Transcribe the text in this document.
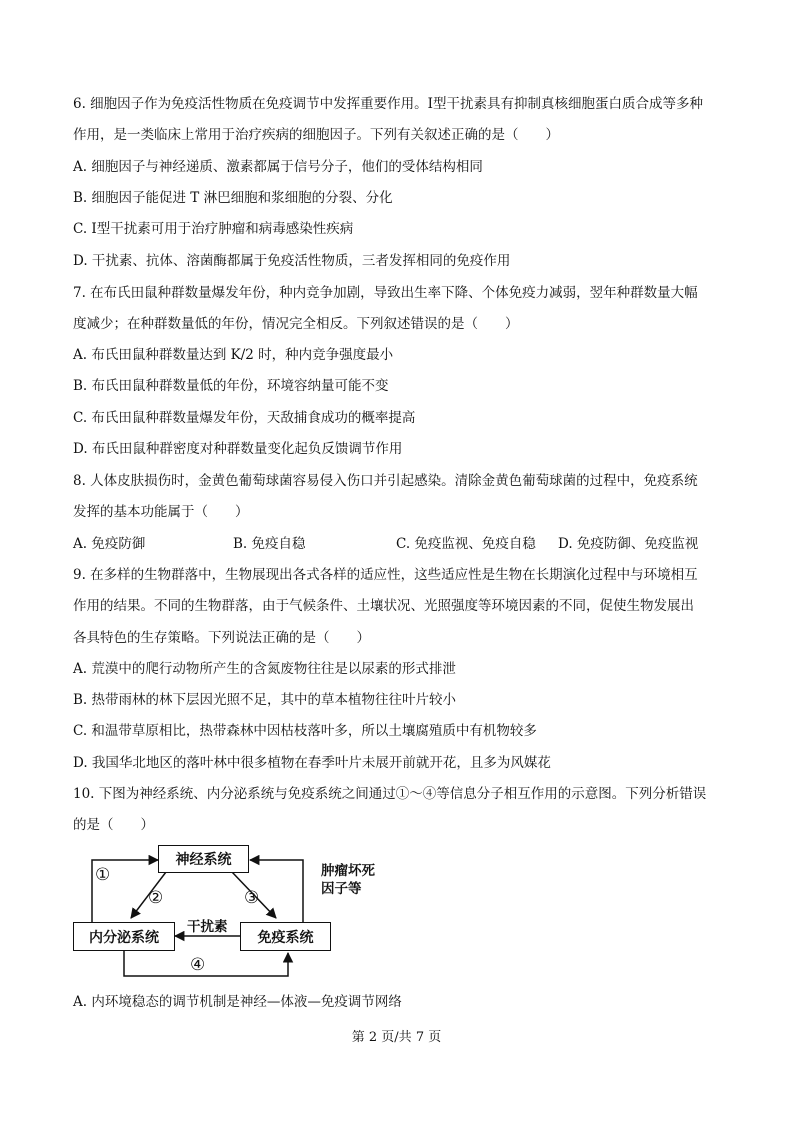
6. 细胞因子作为免疫活性物质在免疫调节中发挥重要作用。Ⅰ型干扰素具有抑制真核细胞蛋白质合成等多种
作用，是一类临床上常用于治疗疾病的细胞因子。下列有关叙述正确的是（　　）
A. 细胞因子与神经递质、激素都属于信号分子，他们的受体结构相同
B. 细胞因子能促进 T 淋巴细胞和浆细胞的分裂、分化
C. Ⅰ型干扰素可用于治疗肿瘤和病毒感染性疾病
D. 干扰素、抗体、溶菌酶都属于免疫活性物质，三者发挥相同的免疫作用
7. 在布氏田鼠种群数量爆发年份，种内竞争加剧，导致出生率下降、个体免疫力减弱，翌年种群数量大幅
度减少；在种群数量低的年份，情况完全相反。下列叙述错误的是（　　）
A. 布氏田鼠种群数量达到 K/2 时，种内竞争强度最小
B. 布氏田鼠种群数量低的年份，环境容纳量可能不变
C. 布氏田鼠种群数量爆发年份，天敌捕食成功的概率提高
D. 布氏田鼠种群密度对种群数量变化起负反馈调节作用
8. 人体皮肤损伤时，金黄色葡萄球菌容易侵入伤口并引起感染。清除金黄色葡萄球菌的过程中，免疫系统
发挥的基本功能属于（　　）
A. 免疫防御	B. 免疫自稳	C. 免疫监视、免疫自稳 D. 免疫防御、免疫监视
9. 在多样的生物群落中，生物展现出各式各样的适应性，这些适应性是生物在长期演化过程中与环境相互
作用的结果。不同的生物群落，由于气候条件、土壤状况、光照强度等环境因素的不同，促使生物发展出
各具特色的生存策略。下列说法正确的是（　　）
A. 荒漠中的爬行动物所产生的含氮废物往往是以尿素的形式排泄
B. 热带雨林的林下层因光照不足，其中的草本植物往往叶片较小
C. 和温带草原相比，热带森林中因枯枝落叶多，所以土壤腐殖质中有机物较多
D. 我国华北地区的落叶林中很多植物在春季叶片未展开前就开花，且多为风媒花
10. 下图为神经系统、内分泌系统与免疫系统之间通过①～④等信息分子相互作用的示意图。下列分析错误
的是（　　）
神经系统
内分泌系统	免疫系统
①
②	③
④
干扰素
肿瘤坏死
因子等
A. 内环境稳态的调节机制是神经—体液—免疫调节网络
第 2 页/共 7 页
